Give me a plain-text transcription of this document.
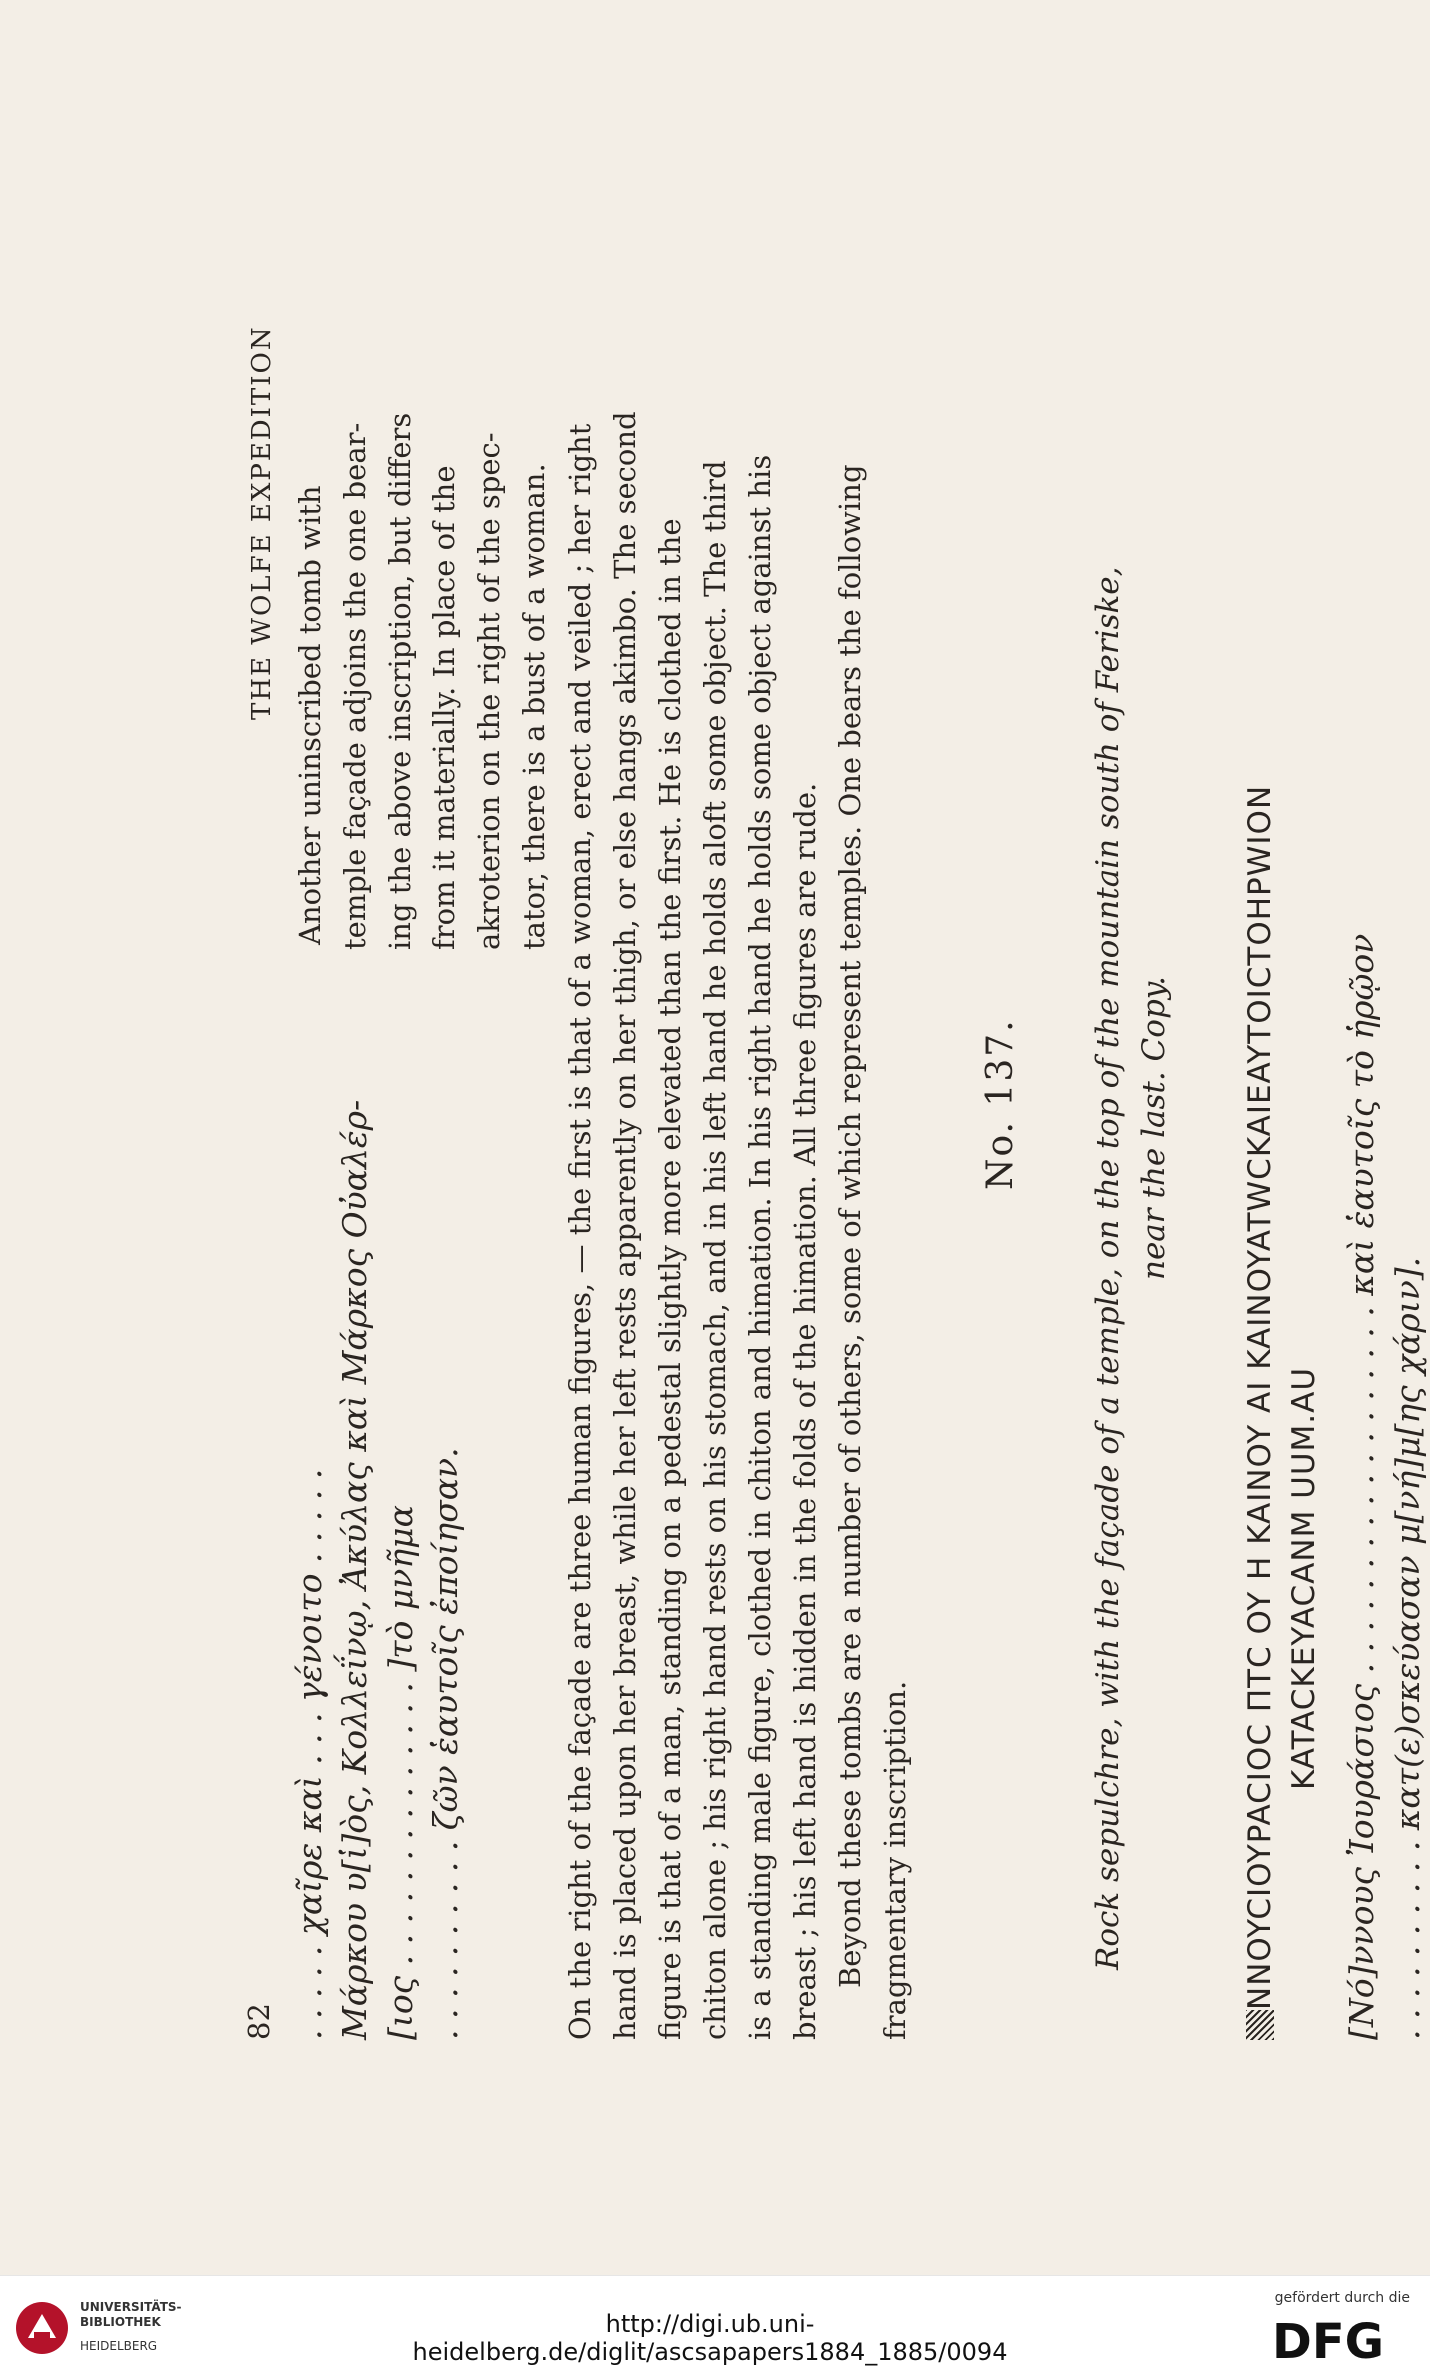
82
THE WOLFE EXPEDITION
. . . . . χαῖρε καὶ . . . γένοιτο . . . . . Μάρκου υ[ἱ]ὸς, Κολλεΐνῳ, Ἀκύλας καὶ Μάρκος Οὐαλέρ- [ιος . . . . . . . . . . . . . . ]τὸ μνῆμα . . . . . . . . . . ζῶν ἑαυτοῖς ἐποίησαν.
Another uninscribed tomb with temple façade adjoins the one bear- ing the above inscription, but differs from it materially. In place of the akroterion on the right of the spec- tator, there is a bust of a woman. On the right of the façade are three human figures, — the first is that of a woman, erect and veiled ; her right hand is placed upon her breast, while her left rests apparently on her thigh, or else hangs akimbo. The second figure is that of a man, standing on a pedestal slightly more elevated than the first. He is clothed in the chiton alone ; his right hand rests on his stomach, and in his left hand he holds aloft some object. The third is a standing male figure, clothed in chiton and himation. In his right hand he holds some object against his breast ; his left hand is hidden in the folds of the himation. All three figures are rude. Beyond these tombs are a number of others, some of which represent temples. One bears the following fragmentary inscription.
No. 137. Rock sepulchre, with the façade of a temple, on the top of the mountain south of Feriske, near the last. Copy. NNOYCIOYPACIOC ΠΤC OY H KAINOY AI KAINOYATWCKAIEAYTOICTOHPWION KATACKEYACANM UUM.AU [Νό]ννους Ἰουράσιος . . . . . . . . . . . . . . . . . . καὶ ἑαυτοῖς τὸ ἡρῷον . . . . . . . . . . κατ(ε)σκεύασαν μ[νή]μ[ης χάριν].
UNIVERSITÄTS-
BIBLIOTHEK
HEIDELBERG
http://digi.ub.uni-heidelberg.de/diglit/ascsapapers1884_1885/0094
gefördert durch die
DFG
